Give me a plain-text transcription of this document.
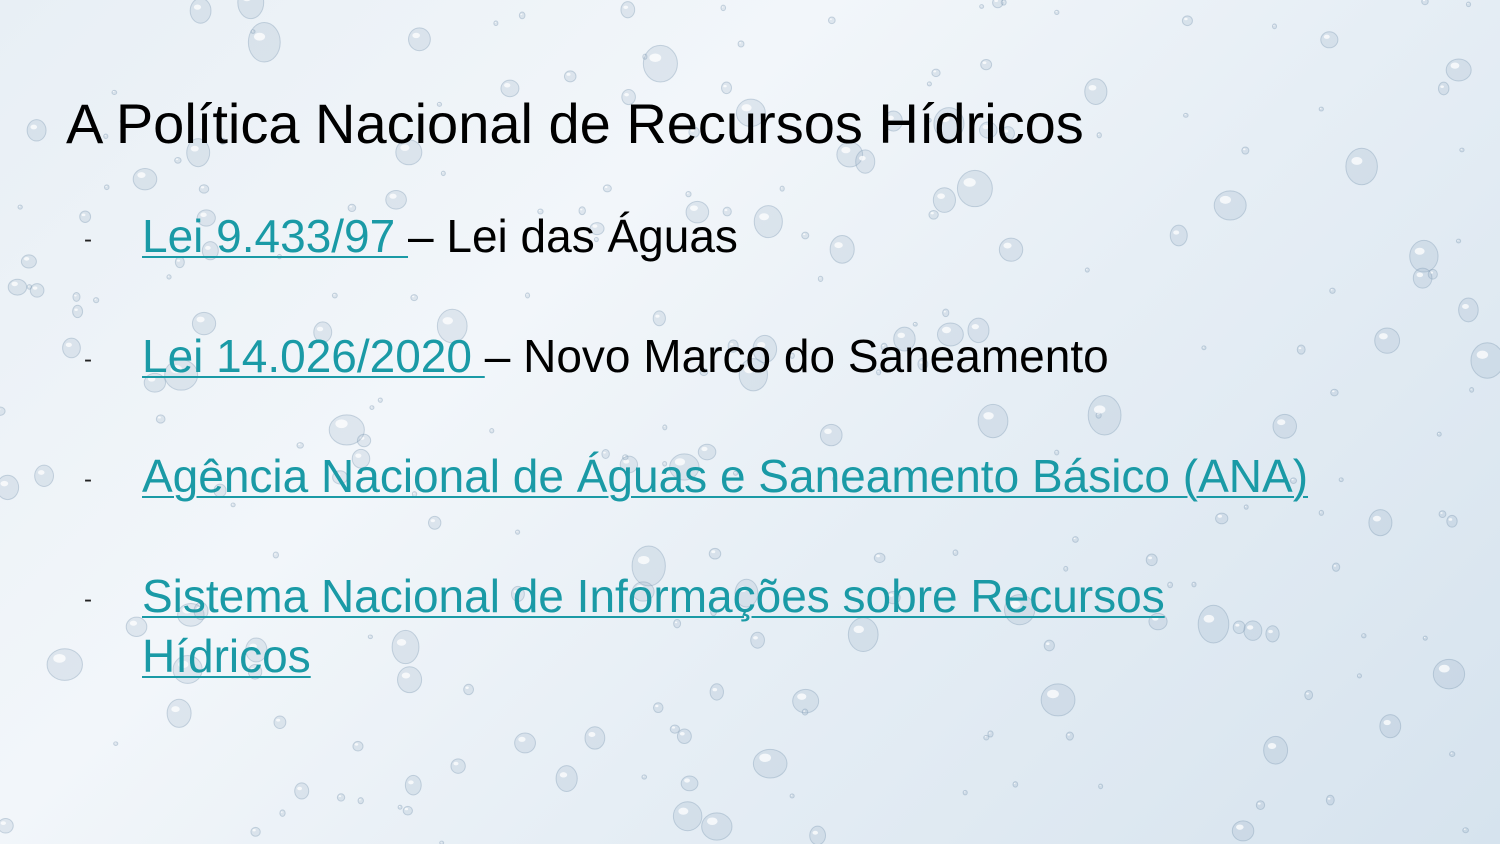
A Política Nacional de Recursos Hídricos
- Lei 9.433/97 – Lei das Águas
- Lei 14.026/2020 – Novo Marco do Saneamento
- Agência Nacional de Águas e Saneamento Básico (ANA)
- Sistema Nacional de Informações sobre Recursos
Hídricos
